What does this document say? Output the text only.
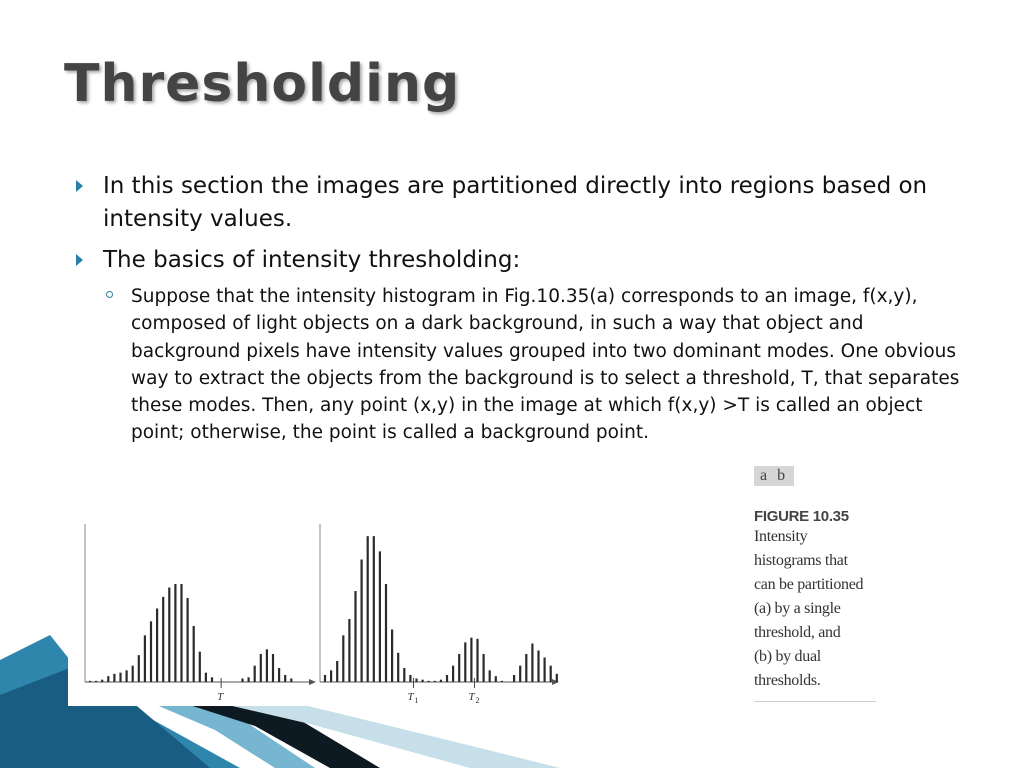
Thresholding
In this section the images are partitioned directly into regions based on intensity values.
The basics of intensity thresholding:
Suppose that the intensity histogram in Fig.10.35(a) corresponds to an image, f(x,y), composed of light objects on a dark background, in such a way that object and background pixels have intensity values grouped into two dominant modes. One obvious way to extract the objects from the background is to select a threshold, T, that separates these modes. Then, any point (x,y) in the image at which f(x,y) >T is called an object point; otherwise, the point is called a background point.
T	T 1	T 2
a b
FIGURE 10.35
Intensity
histograms that
can be partitioned
(a) by a single
threshold, and
(b) by dual
thresholds.
